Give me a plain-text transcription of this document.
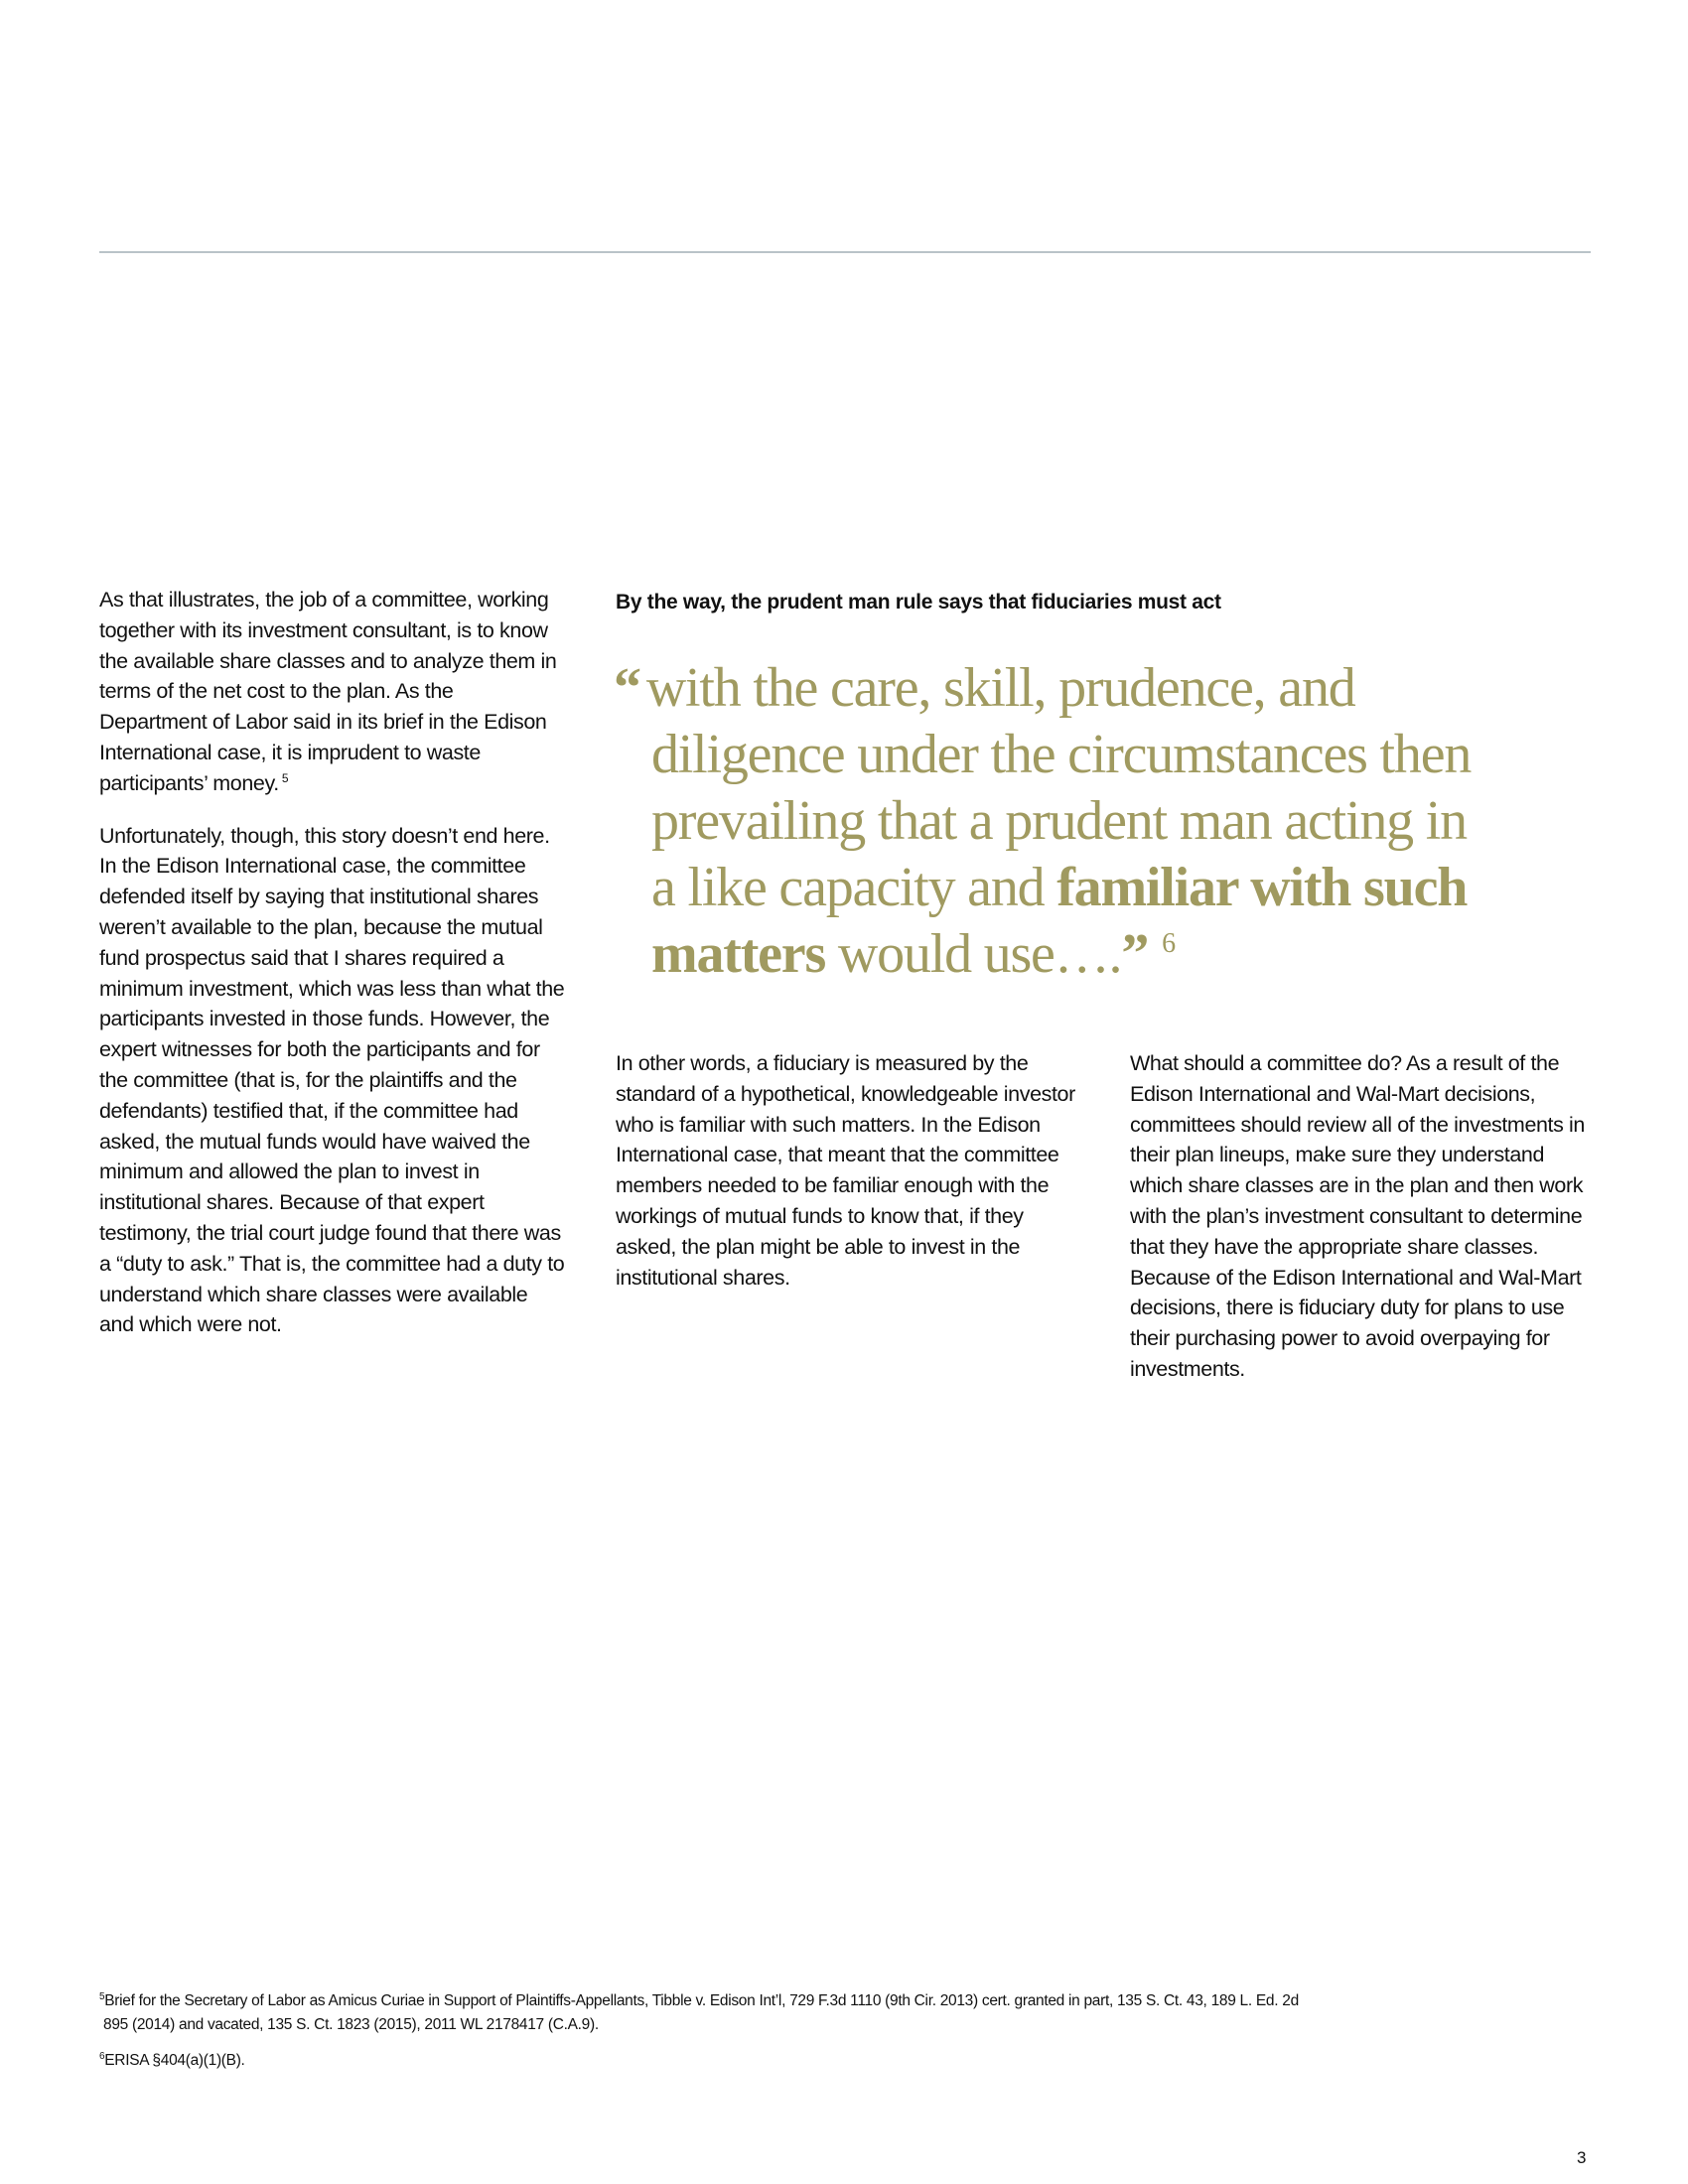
As that illustrates, the job of a committee, working together with its investment consultant, is to know the available share classes and to analyze them in terms of the net cost to the plan. As the Department of Labor said in its brief in the Edison International case, it is imprudent to waste participants’ money. $^5$

Unfortunately, though, this story doesn’t end here. In the Edison International case, the committee defended itself by saying that institutional shares weren’t available to the plan, because the mutual fund prospectus said that I shares required a minimum investment, which was less than what the participants invested in those funds. However, the expert witnesses for both the participants and for the committee (that is, for the plaintiffs and the defendants) testified that, if the committee had asked, the mutual funds would have waived the minimum and allowed the plan to invest in institutional shares. Because of that expert testimony, the trial court judge found that there was a “duty to ask.” That is, the committee had a duty to understand which share classes were available and which were not.

By the way, the prudent man rule says that fiduciaries must act

“ with the care, skill, prudence, and
diligence under the circumstances then
prevailing that a prudent man acting in
a like capacity and familiar with such
matters would use….” $^6$

In other words, a fiduciary is measured by the standard of a hypothetical, knowledgeable investor who is familiar with such matters. In the Edison International case, that meant that the committee members needed to be familiar enough with the workings of mutual funds to know that, if they asked, the plan might be able to invest in the institutional shares.

What should a committee do? As a result of the Edison International and Wal-Mart decisions, committees should review all of the investments in their plan lineups, make sure they understand which share classes are in the plan and then work with the plan’s investment consultant to determine that they have the appropriate share classes. Because of the Edison International and Wal-Mart decisions, there is fiduciary duty for plans to use their purchasing power to avoid overpaying for investments.

$^5$Brief for the Secretary of Labor as Amicus Curiae in Support of Plaintiffs-Appellants, Tibble v. Edison Int’l, 729 F.3d 1110 (9th Cir. 2013) cert. granted in part, 135 S. Ct. 43, 189 L. Ed. 2d
895 (2014) and vacated, 135 S. Ct. 1823 (2015), 2011 WL 2178417 (C.A.9).

$^6$ERISA §404(a)(1)(B).

3
